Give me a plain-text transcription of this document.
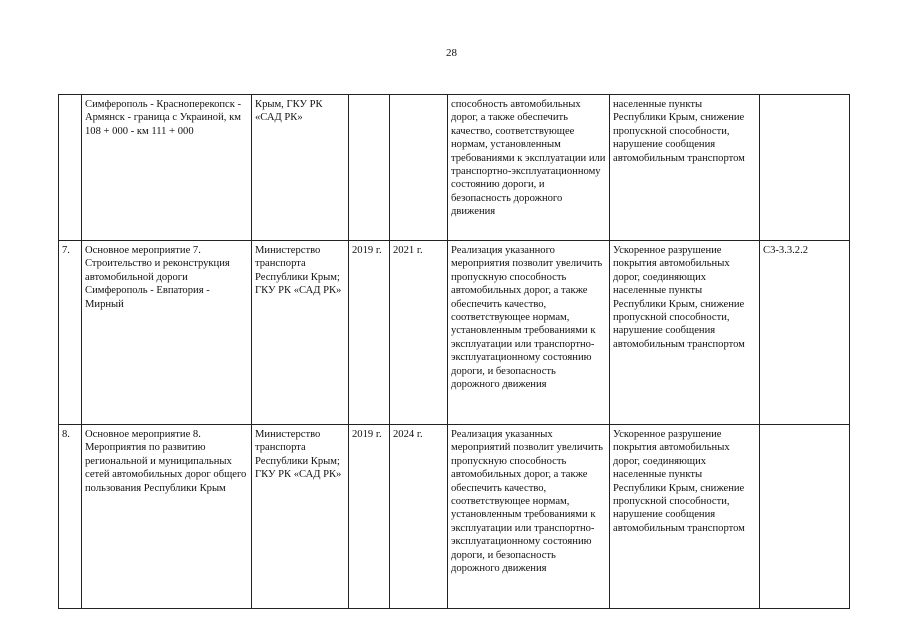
28
	Симферополь - Красноперекопск - Армянск - граница с Украиной, км 108 + 000 - км 111 + 000	Крым, ГКУ РК «САД РК»			способность автомобильных дорог, а также обеспечить качество, соответствующее нормам, установленным требованиями к эксплуатации или транспортно-эксплуатационному состоянию дороги, и безопасность дорожного движения	населенные пункты Республики Крым, снижение пропускной способности, нарушение сообщения автомобильным транспортом	
7.	Основное мероприятие 7. Строительство и реконструкция автомобильной дороги Симферополь - Евпатория - Мирный	Министерство транспорта Республики Крым; ГКУ РК «САД РК»	2019 г.	2021 г.	Реализация указанного мероприятия позволит увеличить пропускную способность автомобильных дорог, а также обеспечить качество, соответствующее нормам, установленным требованиями к эксплуатации или транспортно-эксплуатационному состоянию дороги, и безопасность дорожного движения	Ускоренное разрушение покрытия автомобильных дорог, соединяющих населенные пункты Республики Крым, снижение пропускной способности, нарушение сообщения автомобильным транспортом	С3-3.3.2.2
8.	Основное мероприятие 8. Мероприятия по развитию региональной и муниципальных сетей автомобильных дорог общего пользования Республики Крым	Министерство транспорта Республики Крым; ГКУ РК «САД РК»	2019 г.	2024 г.	Реализация указанных мероприятий позволит увеличить пропускную способность автомобильных дорог, а также обеспечить качество, соответствующее нормам, установленным требованиями к эксплуатации или транспортно-эксплуатационному состоянию дороги, и безопасность дорожного движения	Ускоренное разрушение покрытия автомобильных дорог, соединяющих населенные пункты Республики Крым, снижение пропускной способности, нарушение сообщения автомобильным транспортом	
